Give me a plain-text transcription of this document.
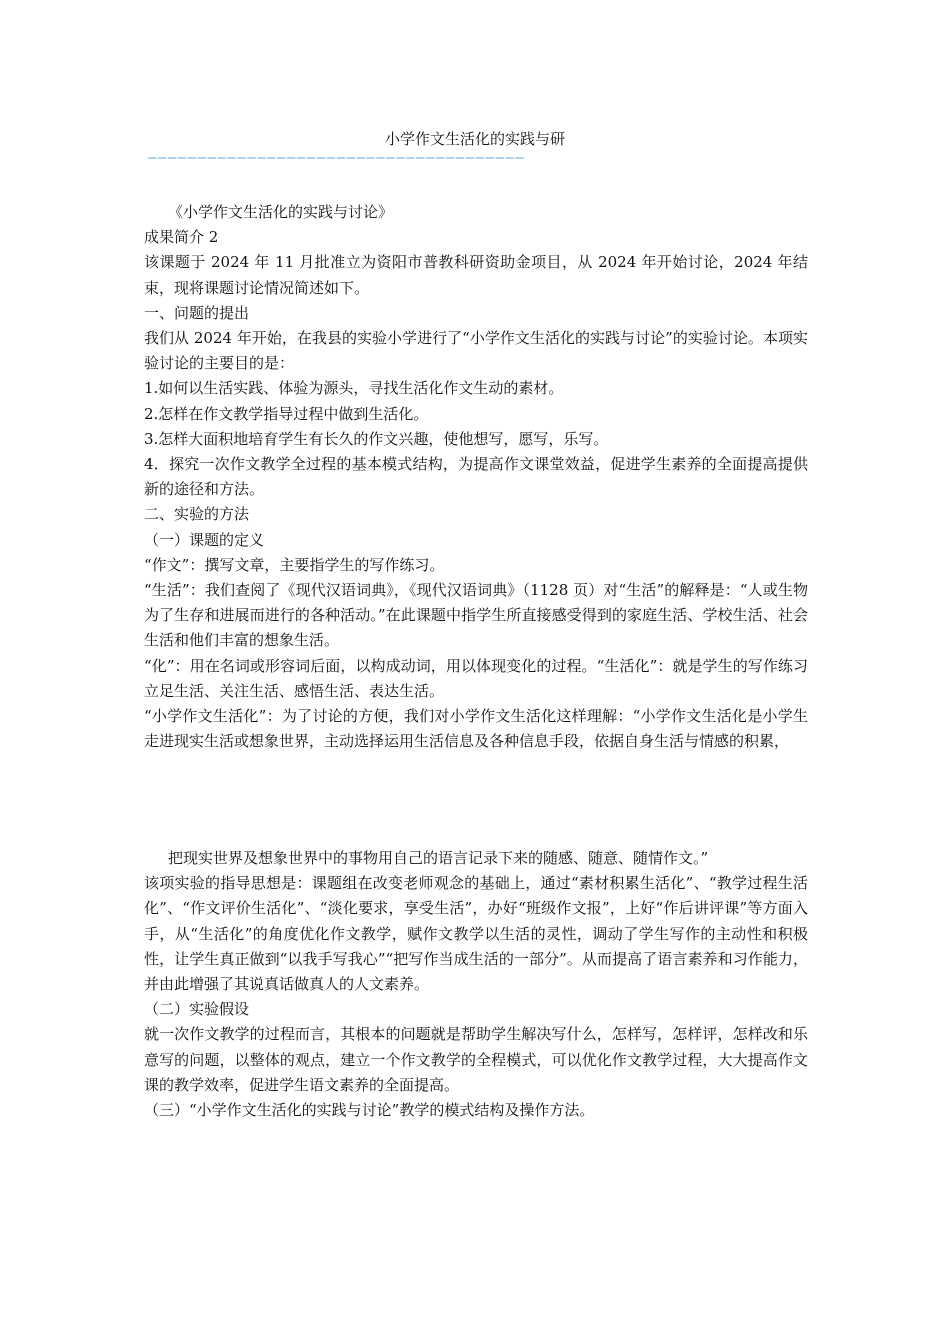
小学作文生活化的实践与研
——————————————————————————————————————

《小学作文生活化的实践与讨论》

成果简介 2

该课题于 2024 年 11 月批准立为资阳市普教科研资助金项目，从 2024 年开始讨论，2024 年结束，现将课题讨论情况简述如下。

一、问题的提出

我们从 2024 年开始，在我县的实验小学进行了“小学作文生活化的实践与讨论”的实验讨论。本项实验讨论的主要目的是：

1.如何以生活实践、体验为源头，寻找生活化作文生动的素材。

2.怎样在作文教学指导过程中做到生活化。

3.怎样大面积地培育学生有长久的作文兴趣，使他想写，愿写，乐写。

4．探究一次作文教学全过程的基本模式结构，为提高作文课堂效益，促进学生素养的全面提高提供新的途径和方法。

二、实验的方法

（一）课题的定义

“作文”：撰写文章，主要指学生的写作练习。

“生活”：我们查阅了《现代汉语词典》，《现代汉语词典》（1128 页）对“生活”的解释是：“人或生物为了生存和进展而进行的各种活动。”在此课题中指学生所直接感受得到的家庭生活、学校生活、社会生活和他们丰富的想象生活。

“化”：用在名词或形容词后面，以构成动词，用以体现变化的过程。“生活化”：就是学生的写作练习立足生活、关注生活、感悟生活、表达生活。

“小学作文生活化”：为了讨论的方便，我们对小学作文生活化这样理解：“小学作文生活化是小学生走进现实生活或想象世界，主动选择运用生活信息及各种信息手段，依据自身生活与情感的积累，

把现实世界及想象世界中的事物用自己的语言记录下来的随感、随意、随情作文。”

该项实验的指导思想是：课题组在改变老师观念的基础上，通过“素材积累生活化”、“教学过程生活化”、“作文评价生活化”、“淡化要求，享受生活”，办好“班级作文报”，上好“作后讲评课”等方面入手，从“生活化”的角度优化作文教学，赋作文教学以生活的灵性，调动了学生写作的主动性和积极性，让学生真正做到“以我手写我心”“把写作当成生活的一部分”。从而提高了语言素养和习作能力，并由此增强了其说真话做真人的人文素养。

（二）实验假设

就一次作文教学的过程而言，其根本的问题就是帮助学生解决写什么，怎样写，怎样评，怎样改和乐意写的问题，以整体的观点，建立一个作文教学的全程模式，可以优化作文教学过程，大大提高作文课的教学效率，促进学生语文素养的全面提高。

（三）“小学作文生活化的实践与讨论”教学的模式结构及操作方法。
